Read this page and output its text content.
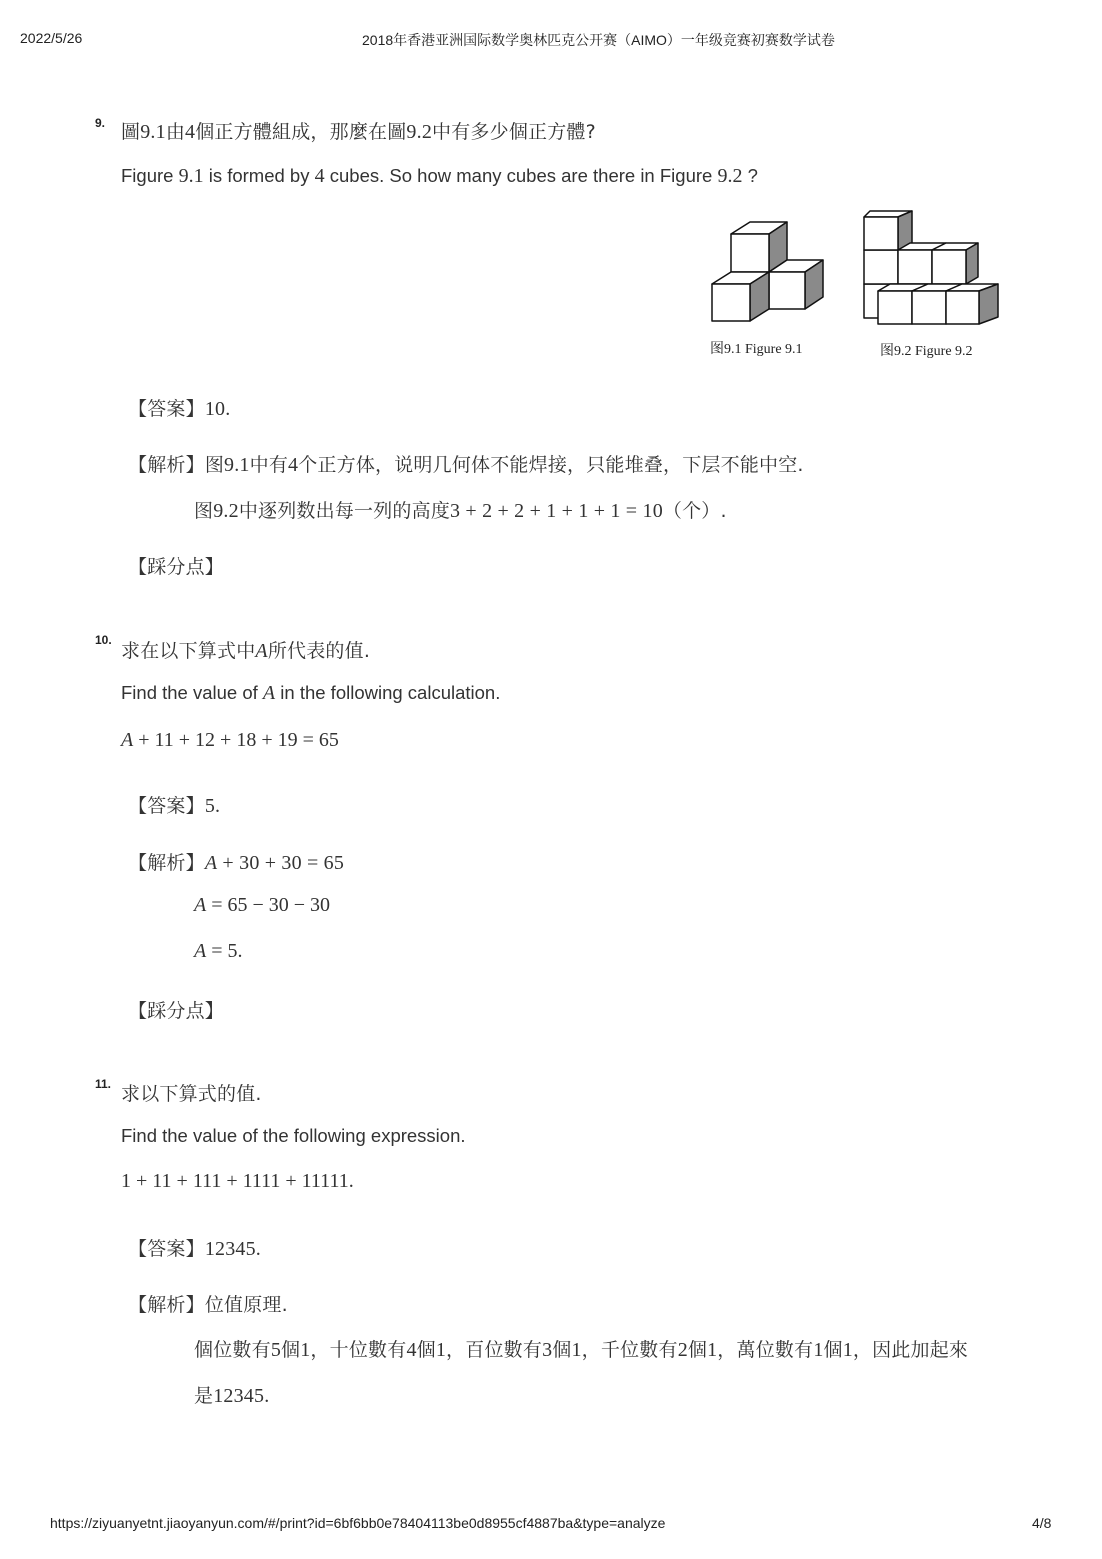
2022/5/26	2018年香港亚洲国际数学奥林匹克公开赛（AIMO）一年级竞赛初赛数学试卷
9. 圖9.1由4個正方體組成，那麼在圖9.2中有多少個正方體?
Figure 9.1 is formed by 4 cubes. So how many cubes are there in Figure 9.2 ?
图9.1 Figure 9.1	图9.2 Figure 9.2
【答案】10.
【解析】图9.1中有4个正方体，说明几何体不能焊接，只能堆叠，下层不能中空.
图9.2中逐列数出每一列的高度3 + 2 + 2 + 1 + 1 + 1 = 10（个）.
【踩分点】
10. 求在以下算式中A所代表的值.
Find the value of A in the following calculation.
A + 11 + 12 + 18 + 19 = 65
【答案】5.
【解析】A + 30 + 30 = 65
A = 65 − 30 − 30
A = 5.
【踩分点】
11. 求以下算式的值.
Find the value of the following expression.
1 + 11 + 111 + 1111 + 11111.
【答案】12345.
【解析】位值原理.
個位數有5個1，十位數有4個1，百位數有3個1，千位數有2個1，萬位數有1個1，因此加起來
是12345.
https://ziyuanyetnt.jiaoyanyun.com/#/print?id=6bf6bb0e78404113be0d8955cf4887ba&type=analyze	4/8
